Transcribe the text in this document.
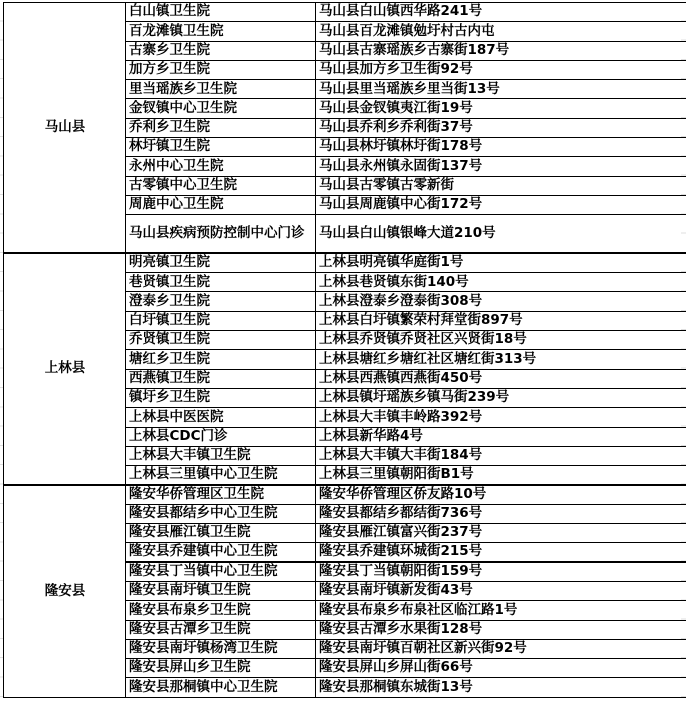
马山县	白山镇卫生院	马山县白山镇西华路241号
	百龙滩镇卫生院	马山县百龙滩镇勉圩村古内屯
	古寨乡卫生院	马山县古寨瑶族乡古寨街187号
	加方乡卫生院	马山县加方乡卫生街92号
	里当瑶族乡卫生院	马山县里当瑶族乡里当街13号
	金钗镇中心卫生院	马山县金钗镇夷江街19号
	乔利乡卫生院	马山县乔利乡乔利街37号
	林圩镇卫生院	马山县林圩镇林圩街178号
	永州中心卫生院	马山县永州镇永固街137号
	古零镇中心卫生院	马山县古零镇古零新街
	周鹿中心卫生院	马山县周鹿镇中心街172号
	马山县疾病预防控制中心门诊	马山县白山镇银峰大道210号
上林县	明亮镇卫生院	上林县明亮镇华庭街1号
	巷贤镇卫生院	上林县巷贤镇东街140号
	澄泰乡卫生院	上林县澄泰乡澄泰街308号
	白圩镇卫生院	上林县白圩镇繁荣村拜堂街897号
	乔贤镇卫生院	上林县乔贤镇乔贤社区兴贤街18号
	塘红乡卫生院	上林县塘红乡塘红社区塘红街313号
	西燕镇卫生院	上林县西燕镇西燕街450号
	镇圩乡卫生院	上林县镇圩瑶族乡镇马街239号
	上林县中医医院	上林县大丰镇丰岭路392号
	上林县CDC门诊	上林县新华路4号
	上林县大丰镇卫生院	上林县大丰镇大丰街184号
	上林县三里镇中心卫生院	上林县三里镇朝阳街B1号
隆安县	隆安华侨管理区卫生院	隆安华侨管理区侨友路10号
	隆安县都结乡中心卫生院	隆安县都结乡都结街736号
	隆安县雁江镇卫生院	隆安县雁江镇富兴街237号
	隆安县乔建镇中心卫生院	隆安县乔建镇环城街215号
	隆安县丁当镇中心卫生院	隆安县丁当镇朝阳街159号
	隆安县南圩镇卫生院	隆安县南圩镇新发街43号
	隆安县布泉乡卫生院	隆安县布泉乡布泉社区临江路1号
	隆安县古潭乡卫生院	隆安县古潭乡水果街128号
	隆安县南圩镇杨湾卫生院	隆安县南圩镇百朝社区新兴街92号
	隆安县屏山乡卫生院	隆安县屏山乡屏山街66号
	隆安县那桐镇中心卫生院	隆安县那桐镇东城街13号
